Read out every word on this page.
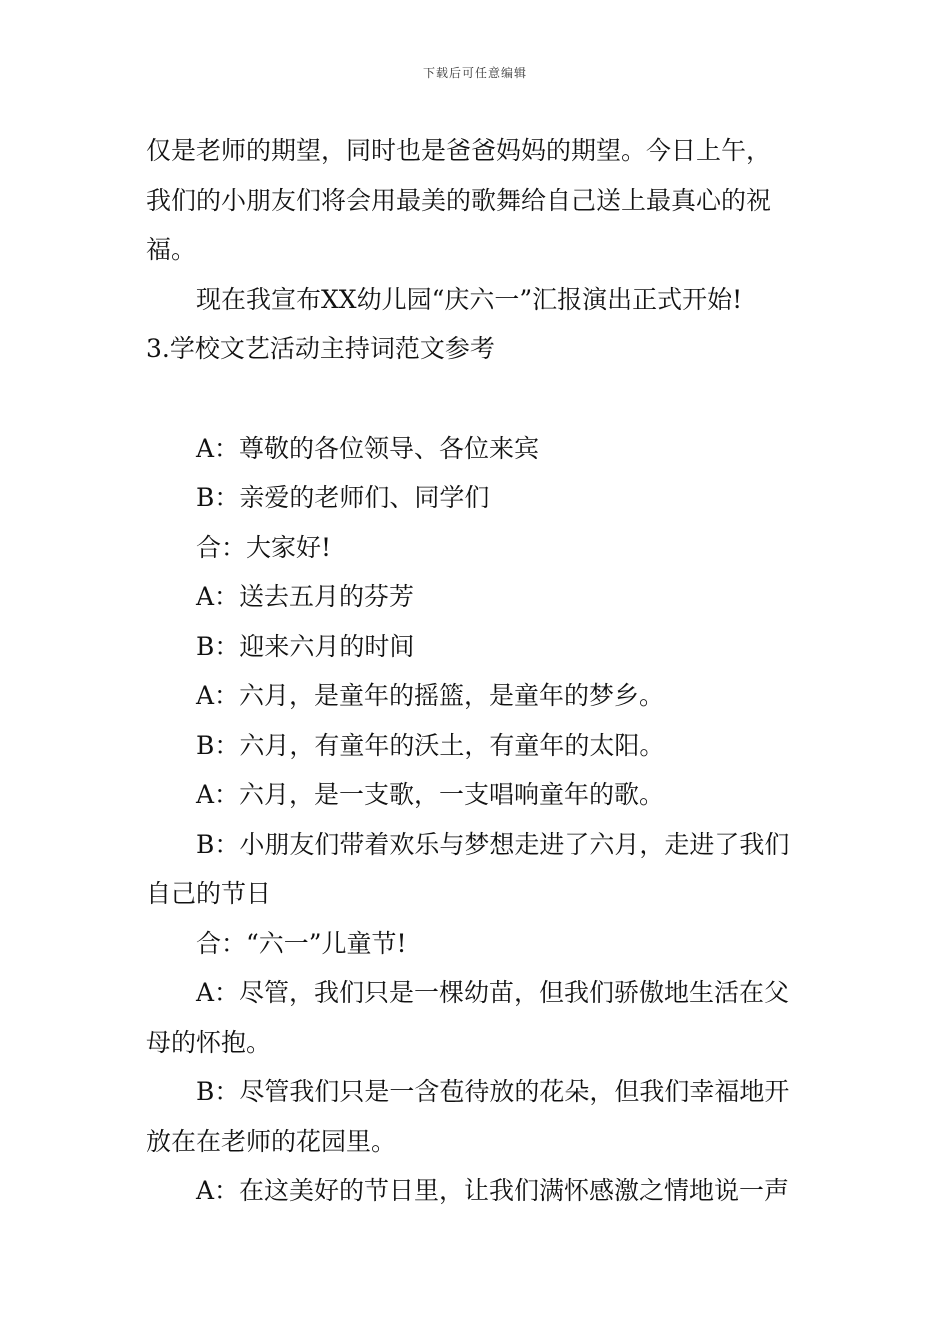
下载后可任意编辑

仅是老师的期望，同时也是爸爸妈妈的期望。今日上午，

我们的小朋友们将会用最美的歌舞给自己送上最真心的祝

福。

现在我宣布XX幼儿园“庆六一”汇报演出正式开始!

3.学校文艺活动主持词范文参考

A：尊敬的各位领导、各位来宾

B：亲爱的老师们、同学们

合：大家好!

A：送去五月的芬芳

B：迎来六月的时间

A：六月，是童年的摇篮，是童年的梦乡。

B：六月，有童年的沃土，有童年的太阳。

A：六月，是一支歌，一支唱响童年的歌。

B：小朋友们带着欢乐与梦想走进了六月，走进了我们

自己的节日

合：“六一”儿童节!

A：尽管，我们只是一棵幼苗，但我们骄傲地生活在父

母的怀抱。

B：尽管我们只是一含苞待放的花朵，但我们幸福地开

放在在老师的花园里。

A：在这美好的节日里，让我们满怀感激之情地说一声
